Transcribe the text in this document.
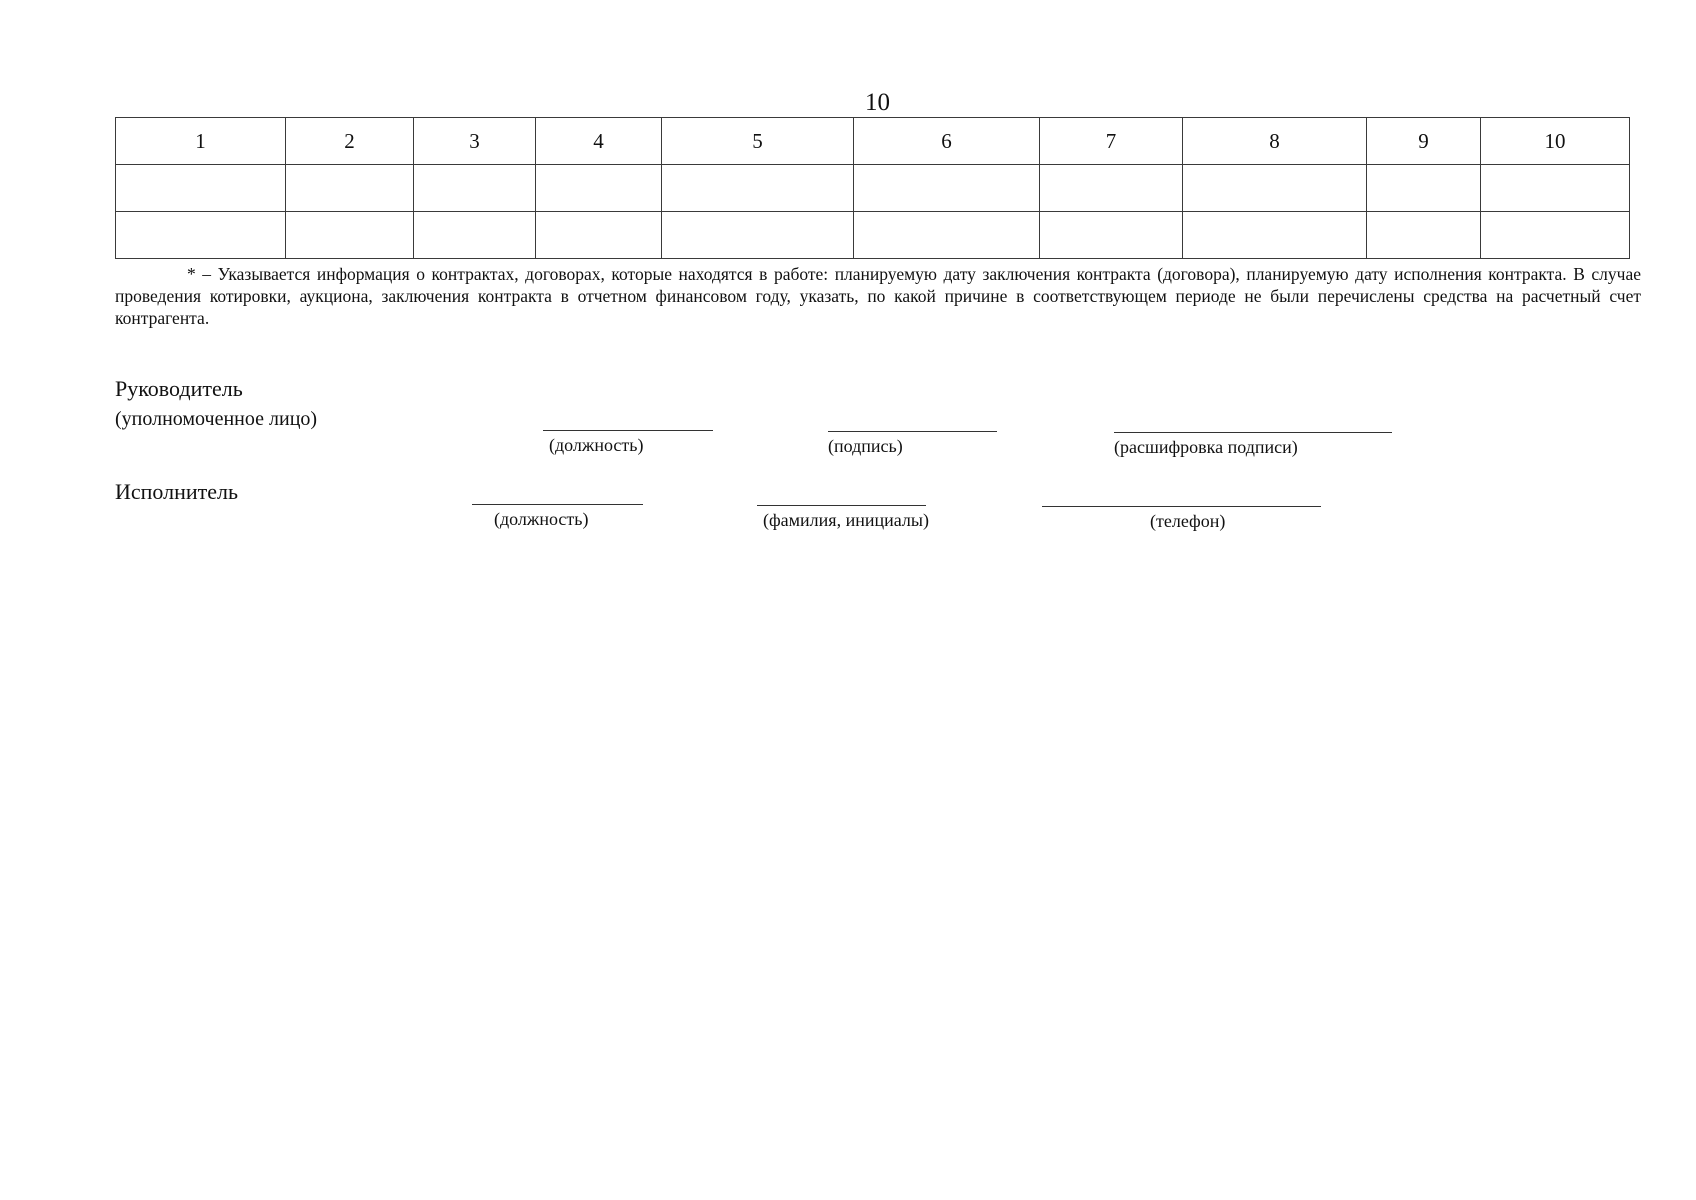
10
1	2	3	4	5	6	7	8	9	10

* – Указывается информация о контрактах, договорах, которые находятся в работе: планируемую дату заключения контракта (договора), планируемую дату исполнения контракта. В случае проведения котировки, аукциона, заключения контракта в отчетном финансовом году, указать, по какой причине в соответствующем периоде не были перечислены средства на расчетный счет контрагента.

Руководитель
(уполномоченное лицо)
(должность)	(подпись)	(расшифровка подписи)
Исполнитель
(должность)	(фамилия, инициалы)	(телефон)
